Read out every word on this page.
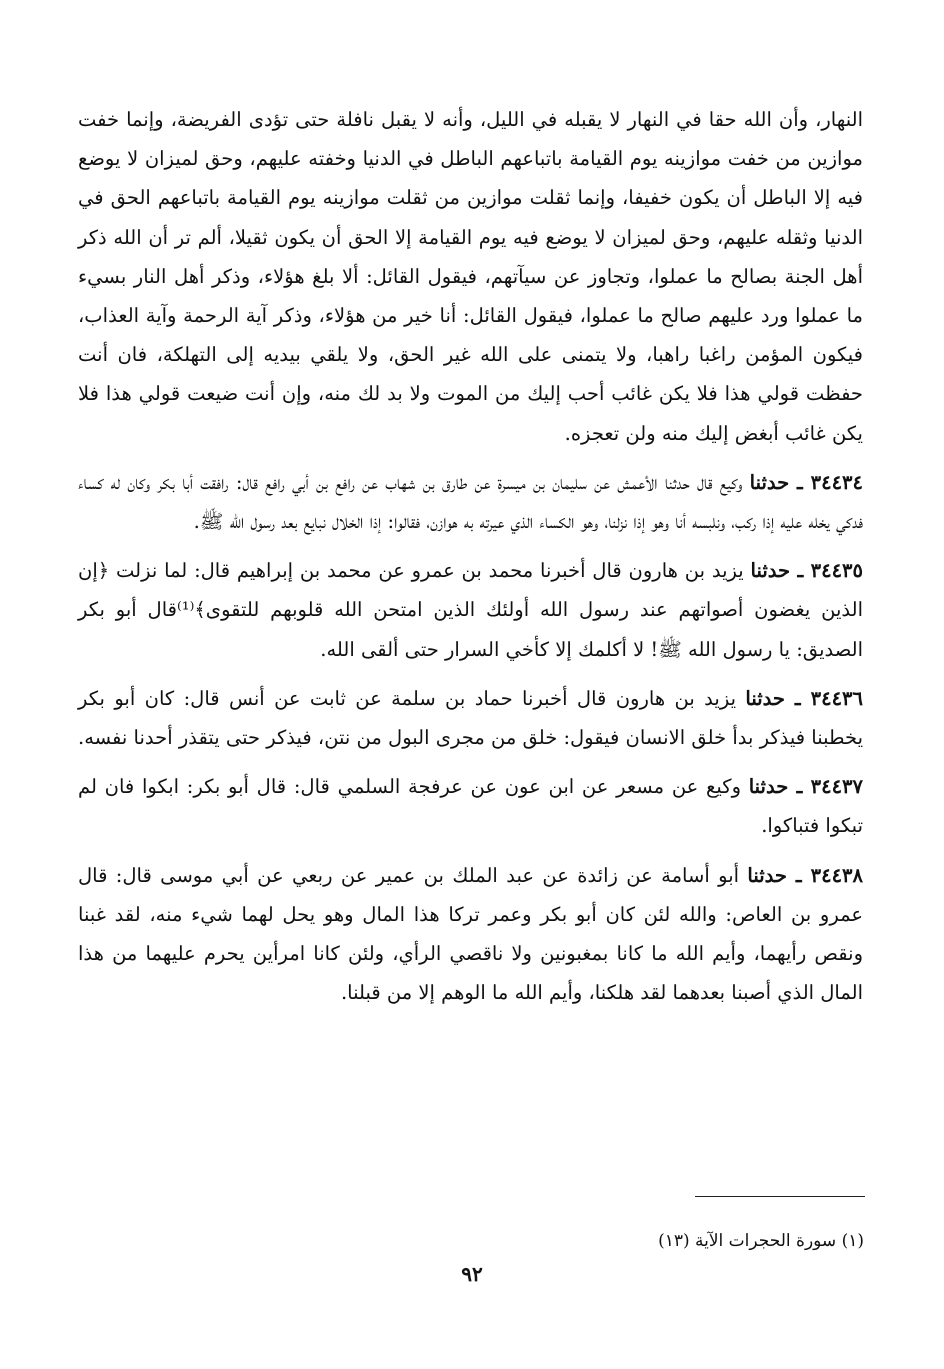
النهار، وأن الله حقا في النهار لا يقبله في الليل، وأنه لا يقبل نافلة حتى تؤدى الفريضة، وإنما خفت موازين من خفت موازينه يوم القيامة باتباعهم الباطل في الدنيا وخفته عليهم، وحق لميزان لا يوضع فيه إلا الباطل أن يكون خفيفا، وإنما ثقلت موازين من ثقلت موازينه يوم القيامة باتباعهم الحق في الدنيا وثقله عليهم، وحق لميزان لا يوضع فيه يوم القيامة إلا الحق أن يكون ثقيلا، ألم تر أن الله ذكر أهل الجنة بصالح ما عملوا، وتجاوز عن سيآتهم، فيقول القائل: ألا بلغ هؤلاء، وذكر أهل النار بسيء ما عملوا ورد عليهم صالح ما عملوا، فيقول القائل: أنا خير من هؤلاء، وذكر آية الرحمة وآية العذاب، فيكون المؤمن راغبا راهبا، ولا يتمنى على الله غير الحق، ولا يلقي بيديه إلى التهلكة، فان أنت حفظت قولي هذا فلا يكن غائب أحب إليك من الموت ولا بد لك منه، وإن أنت ضيعت قولي هذا فلا يكن غائب أبغض إليك منه ولن تعجزه.

٣٤٤٣٤ ـ حدثنا وكيع قال حدثنا الأعمش عن سليمان بن ميسرة عن طارق بن شهاب عن رافع بن أبي رافع قال: رافقت أبا بكر وكان له كساء فدكي يخله عليه إذا ركب، ونلبسه أنا وهو إذا نزلنا، وهو الكساء الذي عيرته به هوازن، فقالوا: إذا الخلال نبايع بعد رسول الله ﷺ.

٣٤٤٣٥ ـ حدثنا يزيد بن هارون قال أخبرنا محمد بن عمرو عن محمد بن إبراهيم قال: لما نزلت ﴿إن الذين يغضون أصواتهم عند رسول الله أولئك الذين امتحن الله قلوبهم للتقوى﴾⁽¹⁾قال أبو بكر الصديق: يا رسول الله ﷺ! لا أكلمك إلا كأخي السرار حتى ألقى الله.

٣٤٤٣٦ ـ حدثنا يزيد بن هارون قال أخبرنا حماد بن سلمة عن ثابت عن أنس قال: كان أبو بكر يخطبنا فيذكر بدأ خلق الانسان فيقول: خلق من مجرى البول من نتن، فيذكر حتى يتقذر أحدنا نفسه.

٣٤٤٣٧ ـ حدثنا وكيع عن مسعر عن ابن عون عن عرفجة السلمي قال: قال أبو بكر: ابكوا فان لم تبكوا فتباكوا.

٣٤٤٣٨ ـ حدثنا أبو أسامة عن زائدة عن عبد الملك بن عمير عن ربعي عن أبي موسى قال: قال عمرو بن العاص: والله لئن كان أبو بكر وعمر تركا هذا المال وهو يحل لهما شيء منه، لقد غبنا ونقص رأيهما، وأيم الله ما كانا بمغبونين ولا ناقصي الرأي، ولئن كانا امرأين يحرم عليهما من هذا المال الذي أصبنا بعدهما لقد هلكنا، وأيم الله ما الوهم إلا من قبلنا.

(١) سورة الحجرات الآية (١٣)
٩٢
